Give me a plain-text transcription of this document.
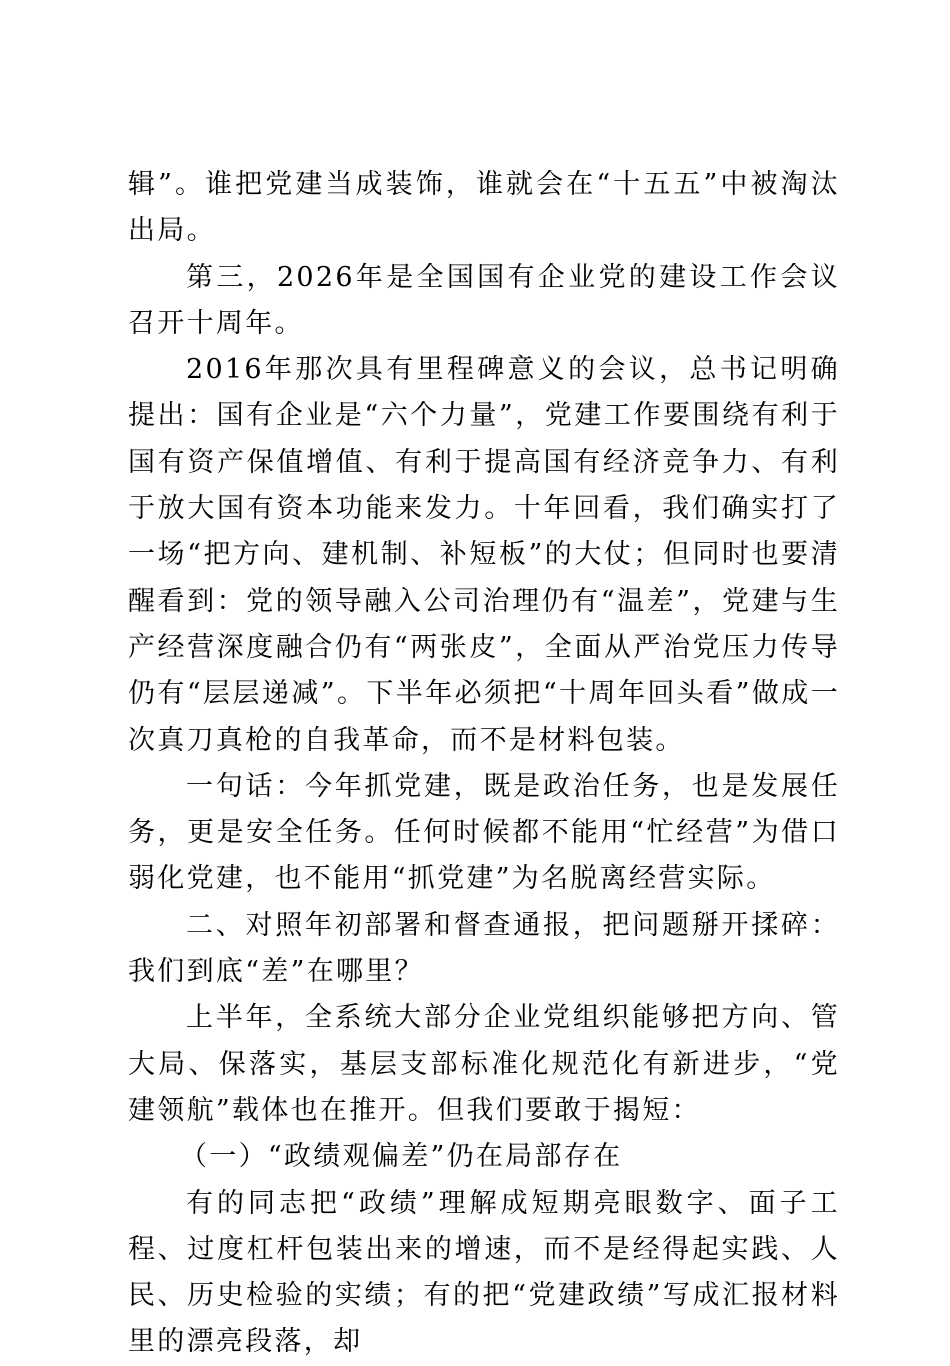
辑”。谁把党建当成装饰，谁就会在“十五五”中被淘汰出局。

第三，2026年是全国国有企业党的建设工作会议召开十周年。

2016年那次具有里程碑意义的会议，总书记明确提出：国有企业是“六个力量”，党建工作要围绕有利于国有资产保值增值、有利于提高国有经济竞争力、有利于放大国有资本功能来发力。十年回看，我们确实打了一场“把方向、建机制、补短板”的大仗；但同时也要清醒看到：党的领导融入公司治理仍有“温差”，党建与生产经营深度融合仍有“两张皮”，全面从严治党压力传导仍有“层层递减”。下半年必须把“十周年回头看”做成一次真刀真枪的自我革命，而不是材料包装。

一句话：今年抓党建，既是政治任务，也是发展任务，更是安全任务。任何时候都不能用“忙经营”为借口弱化党建，也不能用“抓党建”为名脱离经营实际。

二、对照年初部署和督查通报，把问题掰开揉碎：我们到底“差”在哪里？

上半年，全系统大部分企业党组织能够把方向、管大局、保落实，基层支部标准化规范化有新进步，“党建领航”载体也在推开。但我们要敢于揭短：

（一）“政绩观偏差”仍在局部存在

有的同志把“政绩”理解成短期亮眼数字、面子工程、过度杠杆包装出来的增速，而不是经得起实践、人民、历史检验的实绩；有的把“党建政绩”写成汇报材料里的漂亮段落，却
